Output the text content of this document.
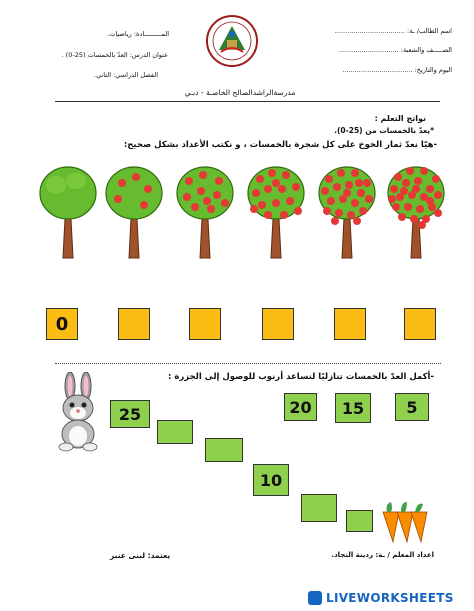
اسم الطالب/ ـة: ..................................
الصـــــف والشعبة: .............................
اليوم والتاريخ: ..................................
المـــــــــادة: رياضيات.
عنوان الدرس: العدّ بالخمسات (25-0) .
الفصل الدراسي: الثاني.
مدرسةالراشدالصالح الخاصـة - دبـي
نواتج التعلم :
*يعدّ بالخمسات من (25-0).
-هيّا نعدّ ثمار الخوخ على كل شجرة بالخمسات ، و نكتب الأعداد بشكل صحيح:
0
-أكمل العدّ بالخمسات تنازليًا لنساعد أرنوب للوصول إلى الجزرة :
25
10
20	15	5
يعتمد: لبنى عنبر	اعداد المعلم / ـة: ردينة النجاد.
LIVEWORKSHEETS
